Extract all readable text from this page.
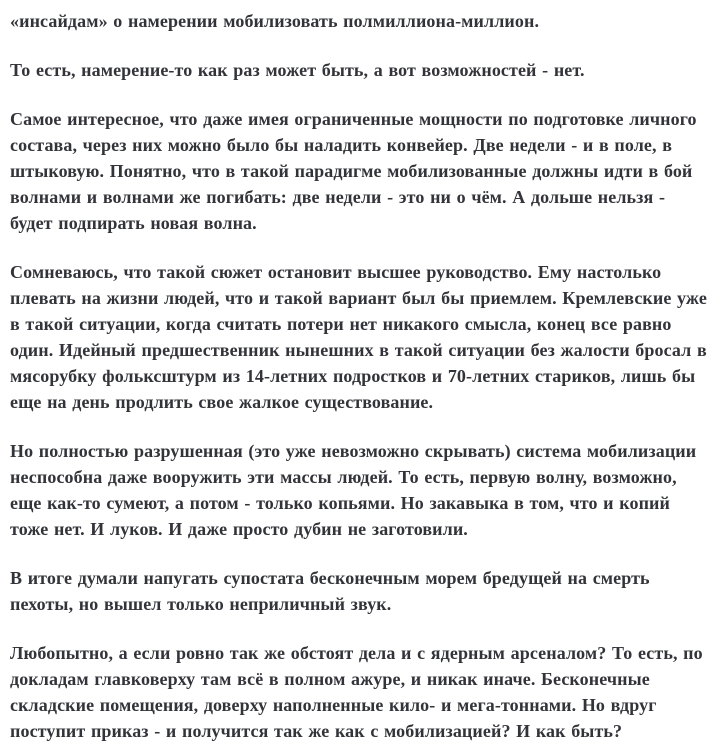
«инсайдам» о намерении мобилизовать полмиллиона-миллион.

То есть, намерение-то как раз может быть, а вот возможностей - нет.

Самое интересное, что даже имея ограниченные мощности по подготовке личного состава, через них можно было бы наладить конвейер. Две недели - и в поле, в штыковую. Понятно, что в такой парадигме мобилизованные должны идти в бой волнами и волнами же погибать: две недели - это ни о чём. А дольше нельзя - будет подпирать новая волна.

Сомневаюсь, что такой сюжет остановит высшее руководство. Ему настолько плевать на жизни людей, что и такой вариант был бы приемлем. Кремлевские уже в такой ситуации, когда считать потери нет никакого смысла, конец все равно один. Идейный предшественник нынешних в такой ситуации без жалости бросал в мясорубку фольксштурм из 14-летних подростков и 70-летних стариков, лишь бы еще на день продлить свое жалкое существование.

Но полностью разрушенная (это уже невозможно скрывать) система мобилизации неспособна даже вооружить эти массы людей. То есть, первую волну, возможно, еще как-то сумеют, а потом - только копьями. Но закавыка в том, что и копий тоже нет. И луков. И даже просто дубин не заготовили.

В итоге думали напугать супостата бесконечным морем бредущей на смерть пехоты, но вышел только неприличный звук.

Любопытно, а если ровно так же обстоят дела и с ядерным арсеналом? То есть, по докладам главковерху там всё в полном ажуре, и никак иначе. Бесконечные складские помещения, доверху наполненные кило- и мега-тоннами. Но вдруг поступит приказ - и получится так же как с мобилизацией? И как быть?
